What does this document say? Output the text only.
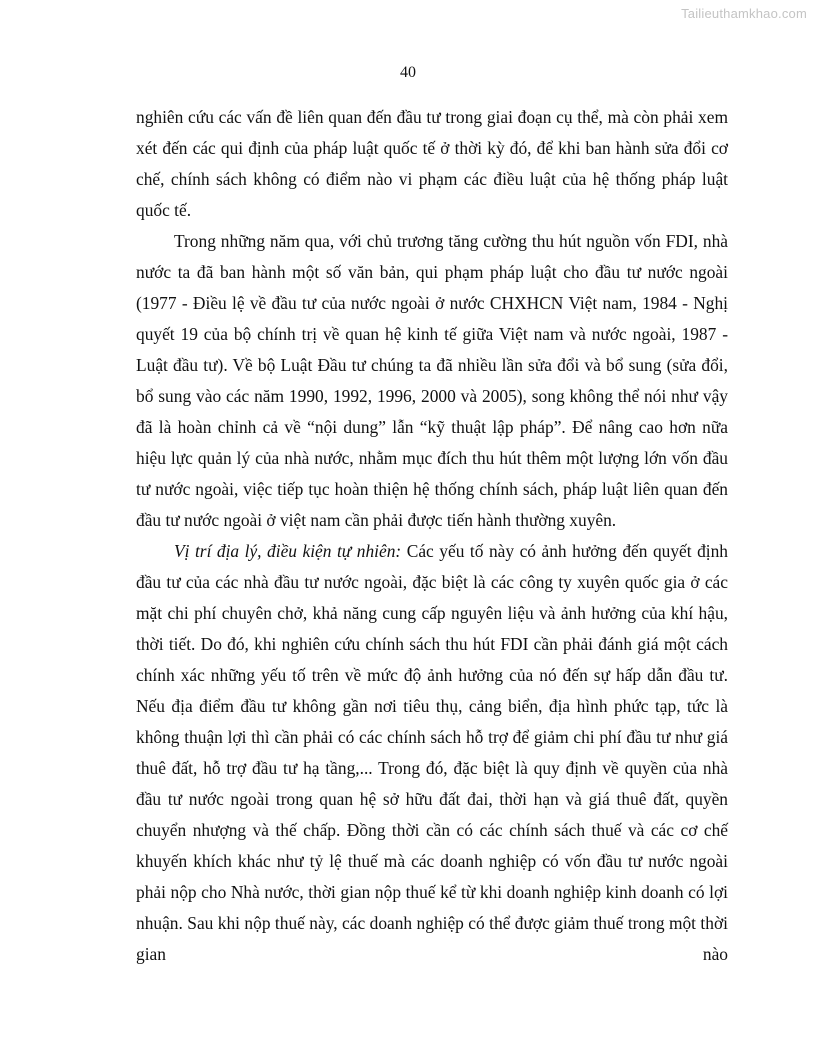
Tailieuthamkhao.com
40

nghiên cứu các vấn đề liên quan đến đầu tư trong giai đoạn cụ thể, mà còn phải xem xét đến các qui định của pháp luật quốc tế ở thời kỳ đó, để khi ban hành sửa đổi cơ chế, chính sách không có điểm nào vi phạm các điều luật của hệ thống pháp luật quốc tế.

Trong những năm qua, với chủ trương tăng cường thu hút nguồn vốn FDI, nhà nước ta đã ban hành một số văn bản, qui phạm pháp luật cho đầu tư nước ngoài (1977 - Điều lệ về đầu tư của nước ngoài ở nước CHXHCN Việt nam, 1984 - Nghị quyết 19 của bộ chính trị về quan hệ kinh tế giữa Việt nam và nước ngoài, 1987 - Luật đầu tư). Về bộ Luật Đầu tư chúng ta đã nhiều lần sửa đổi và bổ sung (sửa đổi, bổ sung vào các năm 1990, 1992, 1996, 2000 và 2005), song không thể nói như vậy đã là hoàn chỉnh cả về “nội dung” lẫn “kỹ thuật lập pháp”. Để nâng cao hơn nữa hiệu lực quản lý của nhà nước, nhằm mục đích thu hút thêm một lượng lớn vốn đầu tư nước ngoài, việc tiếp tục hoàn thiện hệ thống chính sách, pháp luật liên quan đến đầu tư nước ngoài ở việt nam cần phải được tiến hành thường xuyên.

Vị trí địa lý, điều kiện tự nhiên: Các yếu tố này có ảnh hưởng đến quyết định đầu tư của các nhà đầu tư nước ngoài, đặc biệt là các công ty xuyên quốc gia ở các mặt chi phí chuyên chở, khả năng cung cấp nguyên liệu và ảnh hưởng của khí hậu, thời tiết. Do đó, khi nghiên cứu chính sách thu hút FDI cần phải đánh giá một cách chính xác những yếu tố trên về mức độ ảnh hưởng của nó đến sự hấp dẫn đầu tư. Nếu địa điểm đầu tư không gần nơi tiêu thụ, cảng biển, địa hình phức tạp, tức là không thuận lợi thì cần phải có các chính sách hỗ trợ để giảm chi phí đầu tư như giá thuê đất, hỗ trợ đầu tư hạ tầng,... Trong đó, đặc biệt là quy định về quyền của nhà đầu tư nước ngoài trong quan hệ sở hữu đất đai, thời hạn và giá thuê đất, quyền chuyển nhượng và thế chấp. Đồng thời cần có các chính sách thuế và các cơ chế khuyến khích khác như tỷ lệ thuế mà các doanh nghiệp có vốn đầu tư nước ngoài phải nộp cho Nhà nước, thời gian nộp thuế kể từ khi doanh nghiệp kinh doanh có lợi nhuận. Sau khi nộp thuế này, các doanh nghiệp có thể được giảm thuế trong một thời gian nào
